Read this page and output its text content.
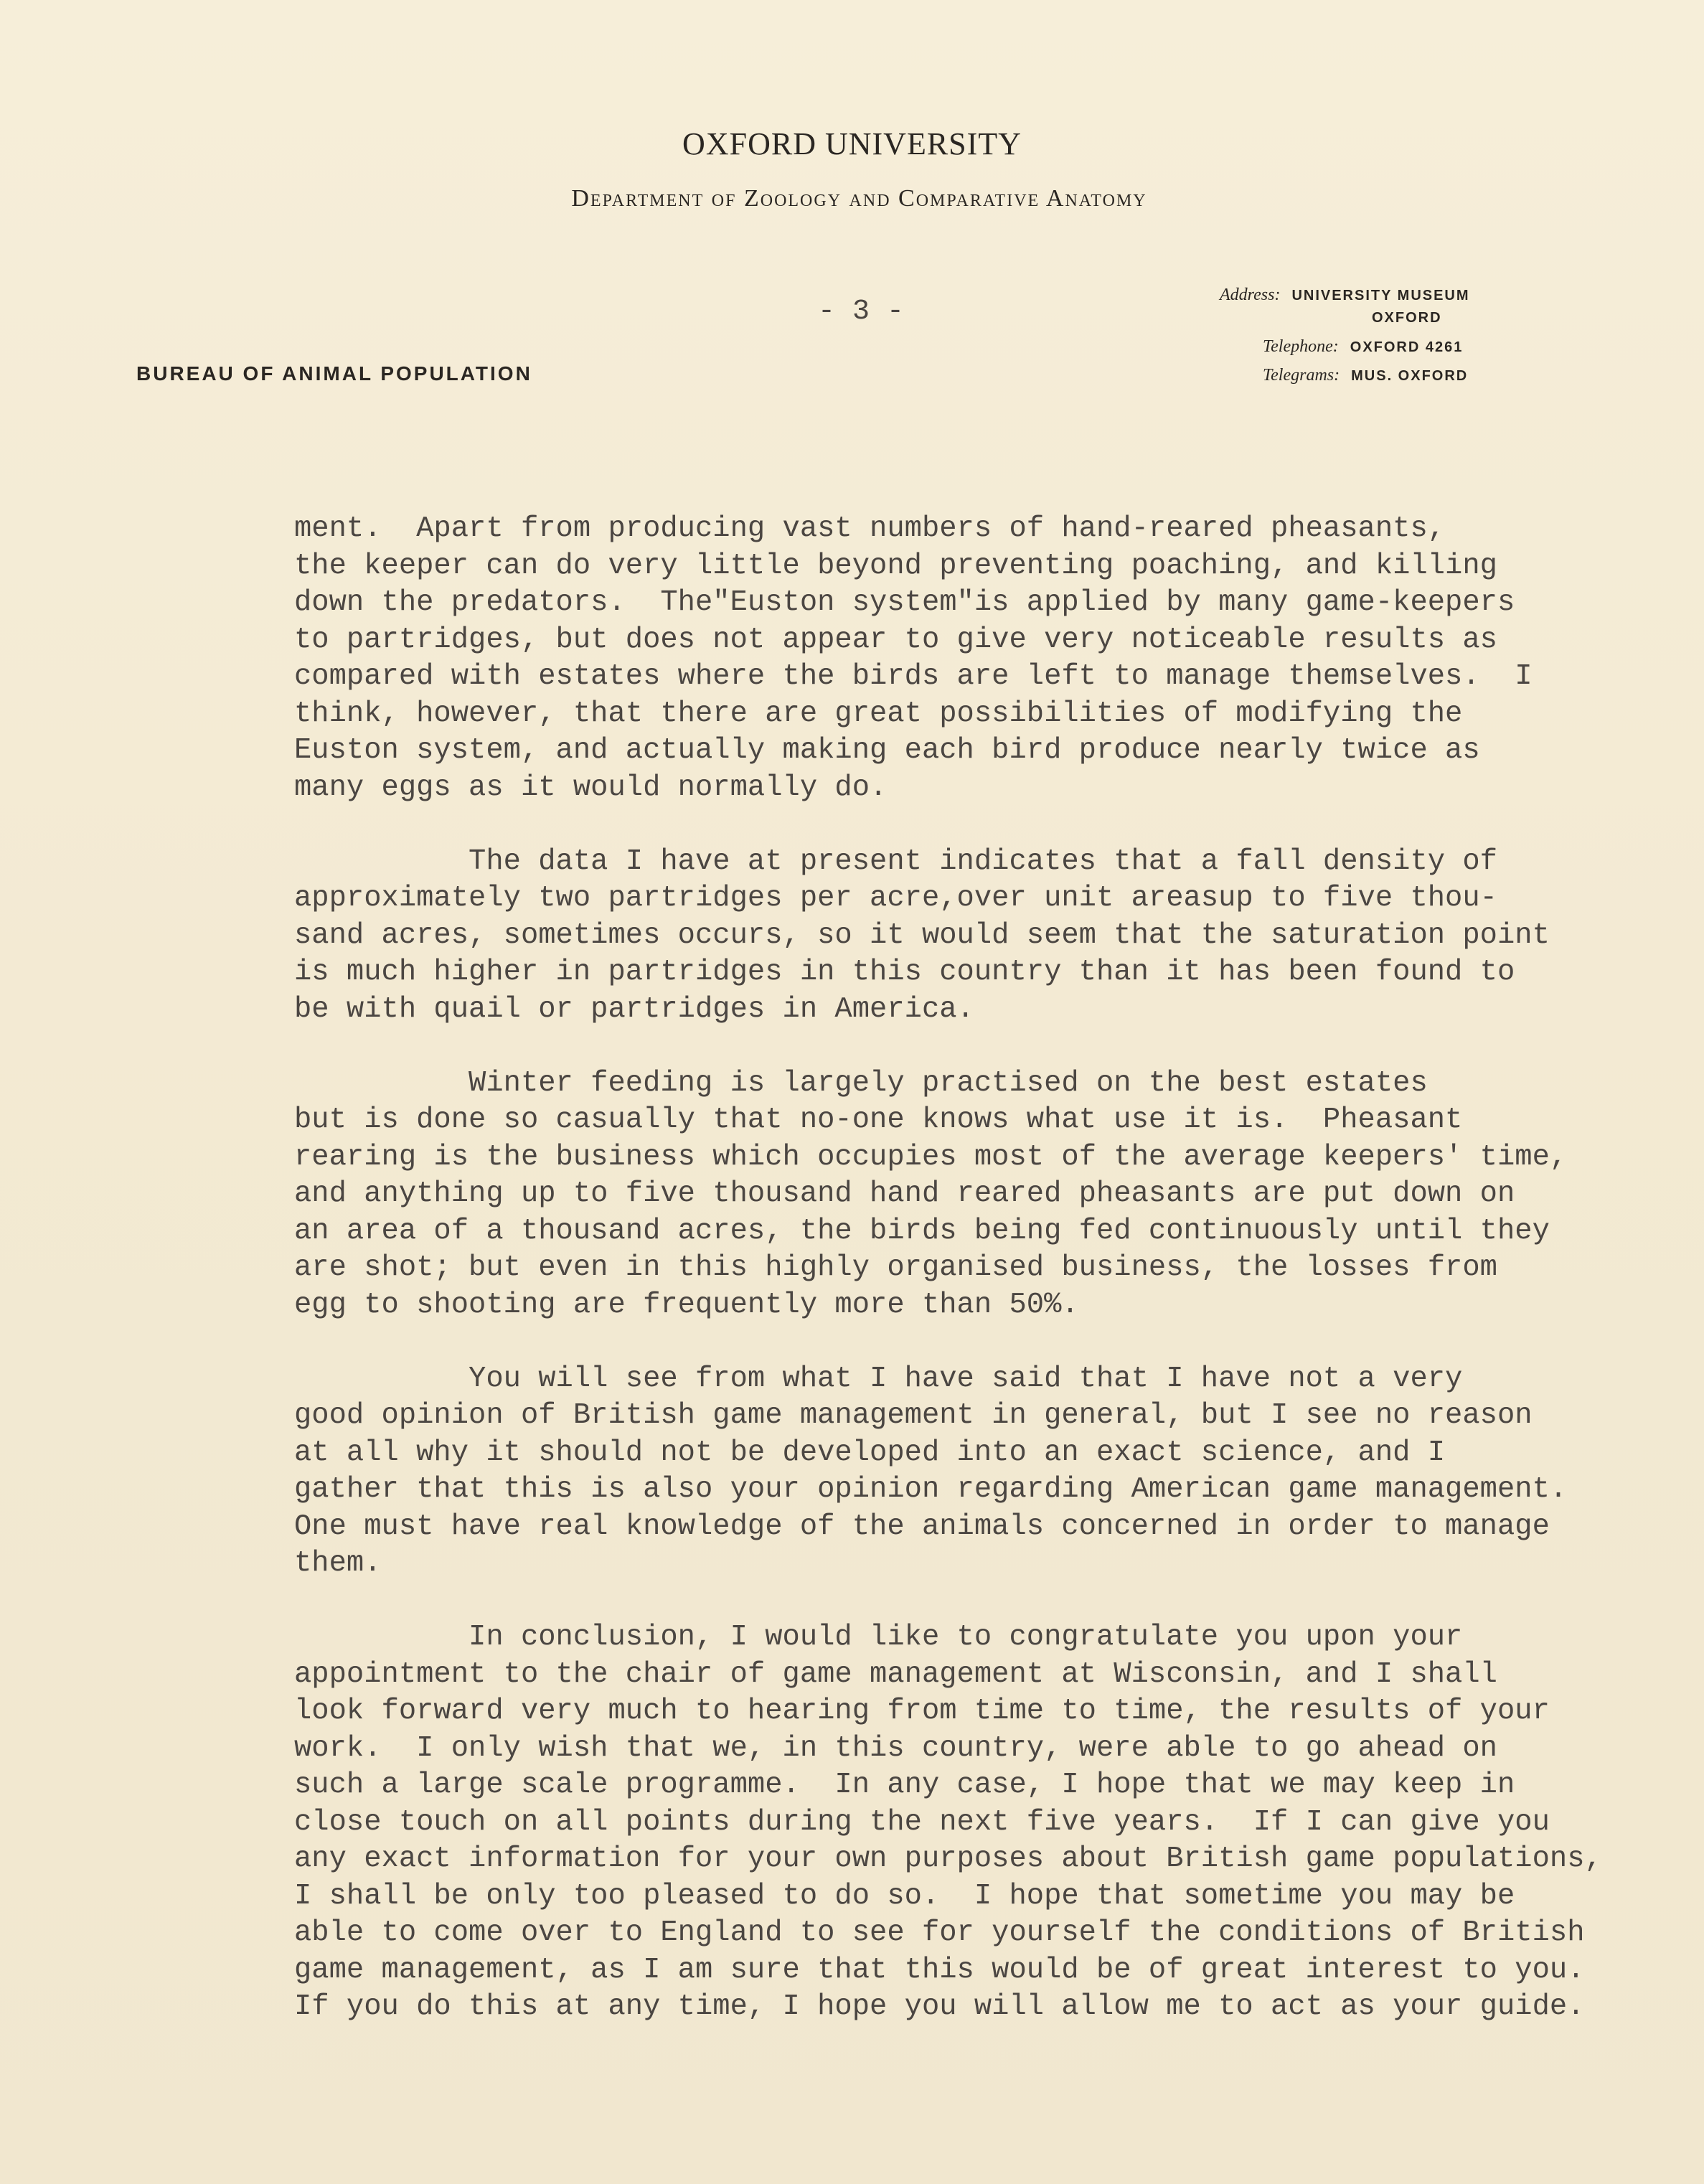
OXFORD UNIVERSITY
Department of Zoology and Comparative Anatomy
- 3 -
BUREAU OF ANIMAL POPULATION
Address: UNIVERSITY MUSEUM
OXFORD
Telephone: OXFORD 4261
Telegrams: MUS. OXFORD
ment.  Apart from producing vast numbers of hand-reared pheasants,
the keeper can do very little beyond preventing poaching, and killing
down the predators.  The"Euston system"is applied by many game-keepers
to partridges, but does not appear to give very noticeable results as
compared with estates where the birds are left to manage themselves.  I
think, however, that there are great possibilities of modifying the
Euston system, and actually making each bird produce nearly twice as
many eggs as it would normally do.
The data I have at present indicates that a fall density of
approximately two partridges per acre,over unit areasup to five thou-
sand acres, sometimes occurs, so it would seem that the saturation point
is much higher in partridges in this country than it has been found to
be with quail or partridges in America.
Winter feeding is largely practised on the best estates
but is done so casually that no-one knows what use it is.  Pheasant
rearing is the business which occupies most of the average keepers' time,
and anything up to five thousand hand reared pheasants are put down on
an area of a thousand acres, the birds being fed continuously until they
are shot; but even in this highly organised business, the losses from
egg to shooting are frequently more than 50%.
You will see from what I have said that I have not a very
good opinion of British game management in general, but I see no reason
at all why it should not be developed into an exact science, and I
gather that this is also your opinion regarding American game management.
One must have real knowledge of the animals concerned in order to manage
them.
In conclusion, I would like to congratulate you upon your
appointment to the chair of game management at Wisconsin, and I shall
look forward very much to hearing from time to time, the results of your
work.  I only wish that we, in this country, were able to go ahead on
such a large scale programme.  In any case, I hope that we may keep in
close touch on all points during the next five years.  If I can give you
any exact information for your own purposes about British game populations,
I shall be only too pleased to do so.  I hope that sometime you may be
able to come over to England to see for yourself the conditions of British
game management, as I am sure that this would be of great interest to you.
If you do this at any time, I hope you will allow me to act as your guide.
